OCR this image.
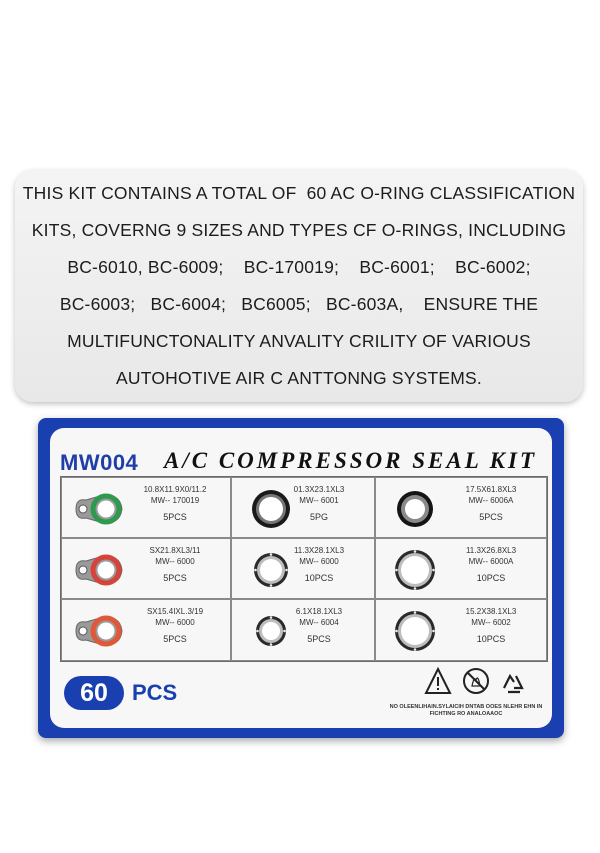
THIS KIT CONTAINS A TOTAL OF  60 AC O-RING CLASSIFICATION
KITS, COVERNG 9 SIZES AND TYPES CF O-RINGS, INCLUDING
BC-6010, BC-6009;    BC-170019;    BC-6001;    BC-6002;
BC-6003;   BC-6004;   BC6005;   BC-603A,    ENSURE THE
MULTIFUNCTONALITY ANVALITY CRILITY OF VARIOUS
AUTOHOTIVE AIR C ANTTONNG SYSTEMS.
MW004 A/C COMPRESSOR SEAL KIT
10.8X11.9X0/11.2
MW-- 170019
5PCS
01.3X23.1XL3
MW-- 6001
5PG
17.5X61.8XL3
MW-- 6006A
5PCS
SX21.8XL3/11
MW-- 6000
5PCS
11.3X28.1XL3
MW-- 6000
10PCS
11.3X26.8XL3
MW-- 6000A
10PCS
SX15.4IXL.3/19
MW-- 6000
5PCS
6.1X18.1XL3
MW-- 6004
5PCS
15.2X38.1XL3
MW-- 6002
10PCS
60	PCS
NO OLEENLIHAIN.SYLAICIH DNTAB OOES NLEHR EHN IN FICHTING RO ANALOAAOC
